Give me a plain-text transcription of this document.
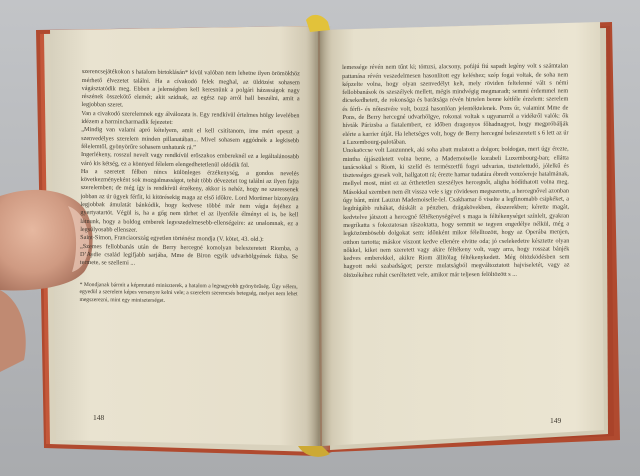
szerencsejátékokon s hatalom birtoklásán* kívül valóban nem lehetne ilyen örömökhöz mérhető élvezetet találni. Ha a cívakodó felek meghal, az üldözést sohasem vágásztatódik meg. Ebben a jelenségben kell keresnünk a polgári házasságok nagy részének összekötő elemét; akit szidnak, az egész nap arról hall beszélni, amit a legjobban szeret.
Van a civakodó szerelemnek egy álválozata is. Egy rendkívül értelmes hölgy levelében idézem a harmincharmadik fejezetet:
„Mindig van valami apró kételyem, amit el kell csitítanom, ime mért epeszt a szenvedélyes szerelem minden pillanatában... Mivel sohasem aggódnék a legkisebb félelemtől, gyönyörűre sohasem unhatunk rá.”
Ingerlékeny, rosszul nevelt vagy rendkívül erőszakos embereknél ez a legáltalánosabb váró kis kétség, ez a könnyed félelem elengedhetetlenül oldódik föl.
Ha a szeretett félben nincs különleges érzékenység, a gondos nevelés következményeként sok mozgalmasságot, tehát több dévezetet tog találni az ilyen fajta szerelemben; de még így is rendkívül érzékeny, akkor is nehéz, hogy ne szeressenek jobban az úr ügyek férfit, ki kitörésekig maga az első időkre. Lord Mortimer bizonyára legjobbak ámulatát bánkódik, hogy kedvese többé már nem vágja fejéhez a gyertyatartót. Végül is, ha a gőg nem tűrhet el az ilyenféle élményt el is, be kell látnunk, hogy a boldog emberek legvszedelmesebb-ellenségeire: az unalomnak, ez a legsúlyosabb ellenszer.
Saint-Simon, Franciaország egyetlen történész mondja (V. kötet, 43. old.):
„Szemes fellobbanás után de Berry hercegné komolyan beleszeretett Riomba, a D’Aydie család legifjabb sarjába, Mme de Biron egyik udvarhölgyének fiába. Se termete, se szellemi ...

* Mondjanak bármit a képmutató miniszterek, a hatalom a legnagyobb gyönyörűség. Úgy vélem, egyedül a szerelem képes versenyre kelni vele; a szerelem szerencsés betegség, melyet nem lehet megszerezni, mint egy miniszterséget.

lemessége révén nem tűnt ki; tömzsi, alacsony, pofájú fiú sapadt legény volt s számtalan pattanása révén veszedelmesen hasonlított egy keléshez; szép fogai voltak, de soha nem képzelte volna, hogy olyan szenvedélyt kelt, mely röviden feltelenné vált s némi fellobbanások ös szeszélyek mellett, mégis mindvégig megmaradt; semmi érdemmel nem dicsekedhetett, de rokonsága és barátsága révén hirtelen benne kétféle érzelem: szerelem és férfi- és nőtestvére volt, bozzá hasonlóan jelentéktelenek. Pons úr, valamint Mme de Pons, de Berry hercegné udvarhölgye, rokonai voltak s ugyanarról a vidékről valók: ők hívták Párizsba a fiatalembert, ez időben dragonyos főhadnagyot, hogy megpróbálják elérte a karrier útját. Ha lehetséges volt, hogy de Berry hercegné beleszeretett s 6 lett az úr a Luxembourg-palotában.
Unokaöccse volt Lauzunnek, aki soha abatt mulatott a dolgon; boldogan, mert úgy érezte, mintha újjászületett volna benne, a Mademoiselle korabeli Luxembourg-ban; ellátta tanácsokkal s Riom, ki szelíd és természetfű fogyi udvarias, tisztelettudó, jólelkű és tisztességes gyesek volt, hallgatott rá; érezte hamar tudatára ébredt vonzóereje hatalmának, mellyel most, mint ez az érthetetlen szeszélyes hercegnőt, aligha hódíthatott volna meg. Másokkal szemben nem élt vissza vele s igy rövidesen megszerette, a hercegnővel azonban úgy bánt, mint Lauzun Mademoiselle-lel. Csakhamar ő viselte a legfinomabb csipkéket, a legdrágább ruhákat, dúskált a pénzben, drágakövekben, ékszerekben; kérette magát, kedvtelve játszott a hercegné féltékenységével s maga is féltékenységet színlelt, gyakran megríkatta s fokozatosan rászoktatta, hogy semmit se tegyen engedélye nélkül, még a legközömbösebb dolgokat sem: időnként mikor félelltozött, hogy az Operába menjen, otthon tartotta; máskor viszont kedve ellenére elvitte oda; jó cselekedetre késztette olyan nőkkel, kiket nem szeretett vagy akire féltékeny volt, vagy arra, hogy rosszat bánjék kedves emberekkel, akikre Riom állítólag féltékenykedett. Még öltözködésben sem hagyott neki szabadságot; persze mulatságból megváltoztatott hajviseletét, vagy az öltözékéhez ruhát cseréltetett vele, amikor már teljesen felöltözött s ...

148	149
